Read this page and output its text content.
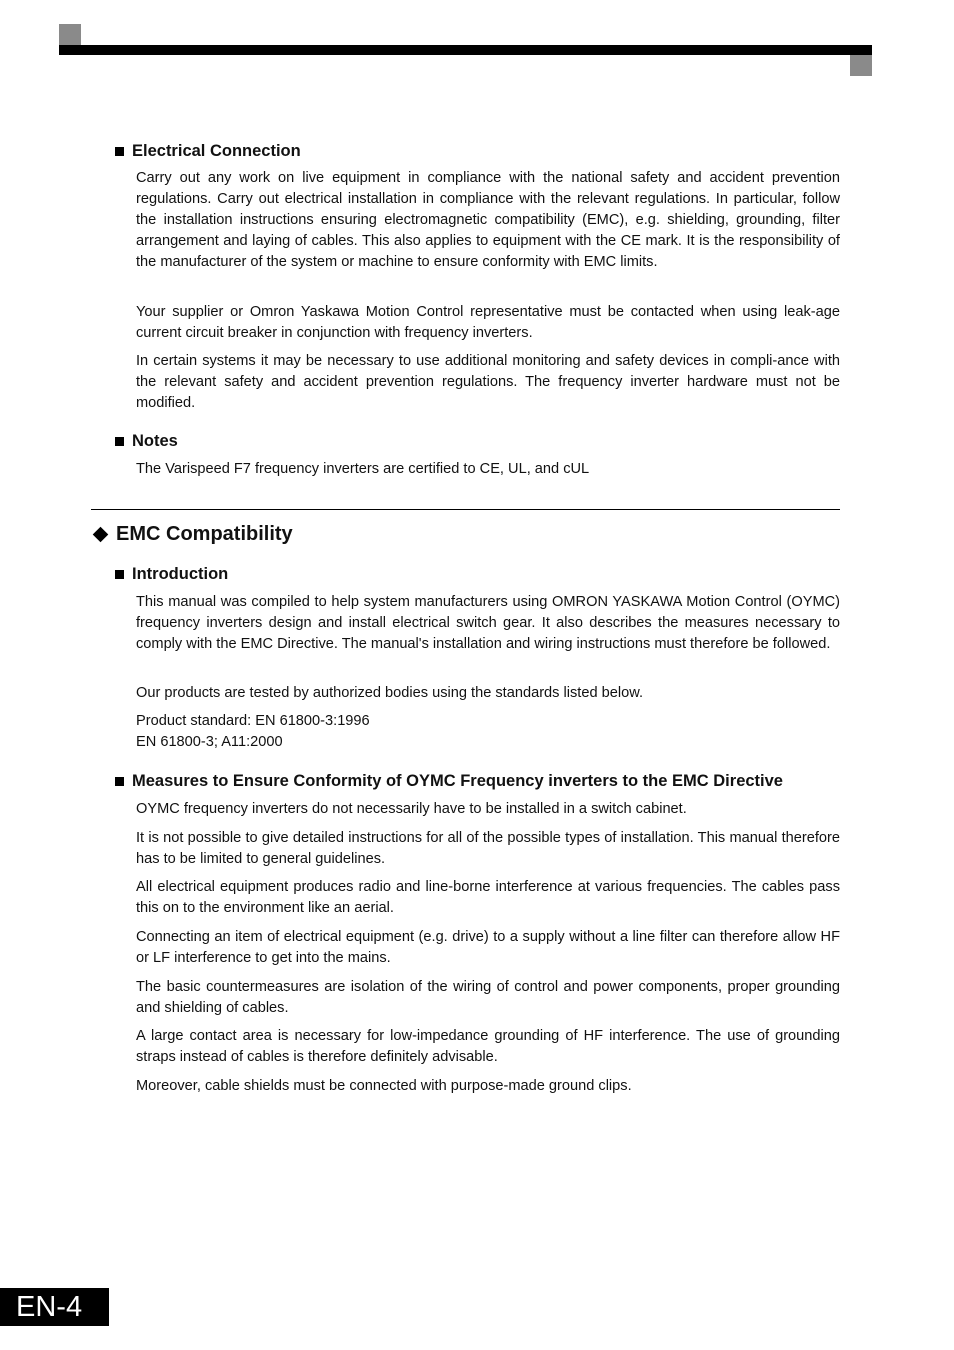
Electrical Connection

Carry out any work on live equipment in compliance with the national safety and accident prevention regulations. Carry out electrical installation in compliance with the relevant regulations. In particular, follow the installation instructions ensuring electromagnetic compatibility (EMC), e.g. shielding, grounding, filter arrangement and laying of cables. This also applies to equipment with the CE mark. It is the responsibility of the manufacturer of the system or machine to ensure conformity with EMC limits.

Your supplier or Omron Yaskawa Motion Control representative must be contacted when using leak-age current circuit breaker in conjunction with frequency inverters.

In certain systems it may be necessary to use additional monitoring and safety devices in compli-ance with the relevant safety and accident prevention regulations. The frequency inverter hardware must not be modified.

Notes

The Varispeed F7 frequency inverters are certified to CE, UL, and cUL

EMC Compatibility
Introduction

This manual was compiled to help system manufacturers using OMRON YASKAWA Motion Control (OYMC) frequency inverters design and install electrical switch gear. It also describes the measures necessary to comply with the EMC Directive. The manual's installation and wiring instructions must therefore be followed.

Our products are tested by authorized bodies using the standards listed below.

Product standard: EN 61800-3:1996
EN 61800-3; A11:2000
Measures to Ensure Conformity of OYMC Frequency inverters to the EMC Directive

OYMC frequency inverters do not necessarily have to be installed in a switch cabinet.

It is not possible to give detailed instructions for all of the possible types of installation. This manual therefore has to be limited to general guidelines.

All electrical equipment produces radio and line-borne interference at various frequencies. The cables pass this on to the environment like an aerial.

Connecting an item of electrical equipment (e.g. drive) to a supply without a line filter can therefore allow HF or LF interference to get into the mains.

The basic countermeasures are isolation of the wiring of control and power components, proper grounding and shielding of cables.

A large contact area is necessary for low-impedance grounding of HF interference. The use of grounding straps instead of cables is therefore definitely advisable.

Moreover, cable shields must be connected with purpose-made ground clips.

EN-4
